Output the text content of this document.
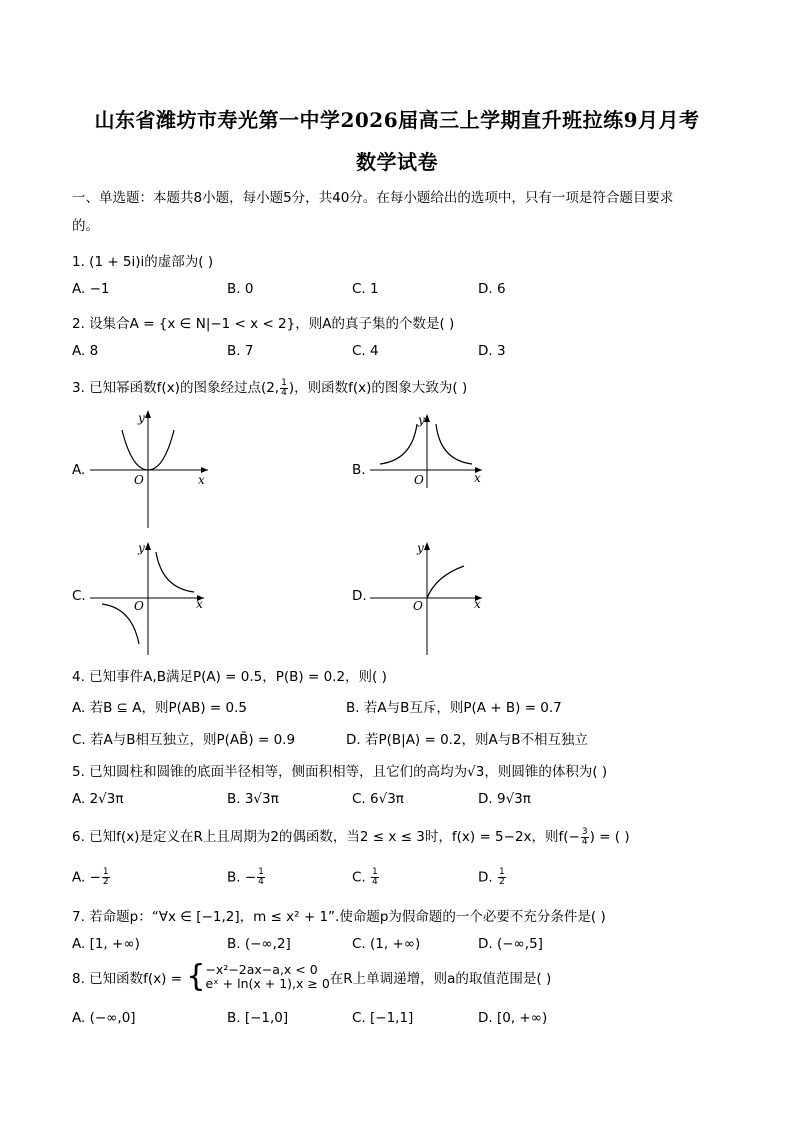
山东省潍坊市寿光第一中学2026届高三上学期直升班拉练9月月考
数学试卷
一、单选题：本题共8小题，每小题5分，共40分。在每小题给出的选项中，只有一项是符合题目要求
的。
1. (1 + 5i)i的虚部为( )
A. −1	B. 0	C. 1	D. 6
2. 设集合A = {x ∈ N|−1 < x < 2}，则A的真子集的个数是( )
A. 8	B. 7	C. 4	D. 3
3. 已知幂函数f(x)的图象经过点(2, $\frac{1}{4}$ )，则函数f(x)的图象大致为( )
A.
x
y
O
B.	x
y
O
C.	x
y
O
D.	x
y
O
4. 已知事件A,B满足P(A) = 0.5，P(B) = 0.2，则( )
A. 若B ⊆ A，则P(AB) = 0.5	B. 若A与B互斥，则P(A + B) = 0.7
C. 若A与B相互独立，则P(AB̄) = 0.9	D. 若P(B|A) = 0.2，则A与B不相互独立
5. 已知圆柱和圆锥的底面半径相等，侧面积相等，且它们的高均为√3，则圆锥的体积为( )
A. 2√3π	B. 3√3π	C. 6√3π	D. 9√3π
6. 已知f(x)是定义在R上且周期为2的偶函数，当2 ≤ x ≤ 3时，f(x) = 5−2x，则$f(- \frac{3}{4}$ ) = ( )
A. − $\frac{1}{2}$	B. − $\frac{1}{4}$	C. $\frac{1}{4}$	D. $\frac{1}{2}$
7. 若命题p：“∀x ∈ [−1,2]，m ≤ x² + 1”.使命题p为假命题的一个必要不充分条件是( )
A. [1, +∞)	B. (−∞,2]	C. (1, +∞)	D. (−∞,5]
8. 已知函数f(x) = { −x²−2ax−a,x < 0
eˣ + ln(x + 1),x ≥ 0 在R上单调递增，则a的取值范围是( )
A. (−∞,0]	B. [−1,0]	C. [−1,1]	D. [0, +∞)
